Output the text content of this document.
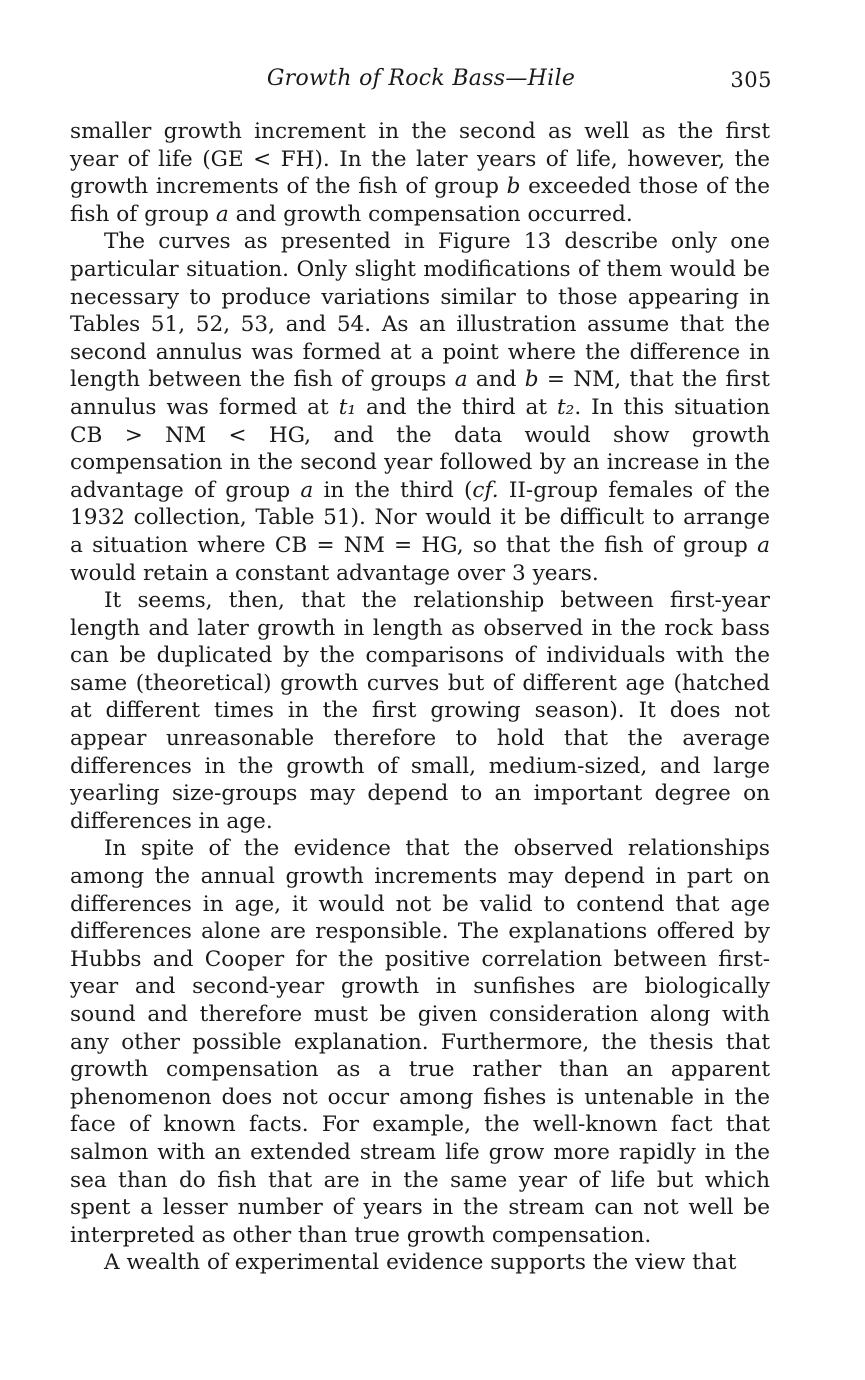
Growth of Rock Bass—Hile	305

smaller growth increment in the second as well as the first year of life (GE < FH). In the later years of life, however, the growth increments of the fish of group b exceeded those of the fish of group a and growth compensation occurred.

The curves as presented in Figure 13 describe only one particular situation. Only slight modifications of them would be necessary to produce variations similar to those appearing in Tables 51, 52, 53, and 54. As an illustration assume that the second annulus was formed at a point where the difference in length between the fish of groups a and b = NM, that the first annulus was formed at t₁ and the third at t₂. In this situation CB > NM < HG, and the data would show growth compensation in the second year followed by an increase in the advantage of group a in the third (cf. II-group females of the 1932 collection, Table 51). Nor would it be difficult to arrange a situation where CB = NM = HG, so that the fish of group a would retain a constant advantage over 3 years.

It seems, then, that the relationship between first-year length and later growth in length as observed in the rock bass can be duplicated by the comparisons of individuals with the same (theoretical) growth curves but of different age (hatched at different times in the first growing season). It does not appear unreasonable therefore to hold that the average differences in the growth of small, medium-sized, and large yearling size-groups may depend to an important degree on differences in age.

In spite of the evidence that the observed relationships among the annual growth increments may depend in part on differences in age, it would not be valid to contend that age differences alone are responsible. The explanations offered by Hubbs and Cooper for the positive correlation between first-year and second-year growth in sunfishes are biologically sound and therefore must be given consideration along with any other possible explanation. Furthermore, the thesis that growth compensation as a true rather than an apparent phenomenon does not occur among fishes is untenable in the face of known facts. For example, the well-known fact that salmon with an extended stream life grow more rapidly in the sea than do fish that are in the same year of life but which spent a lesser number of years in the stream can not well be interpreted as other than true growth compensation.

A wealth of experimental evidence supports the view that
